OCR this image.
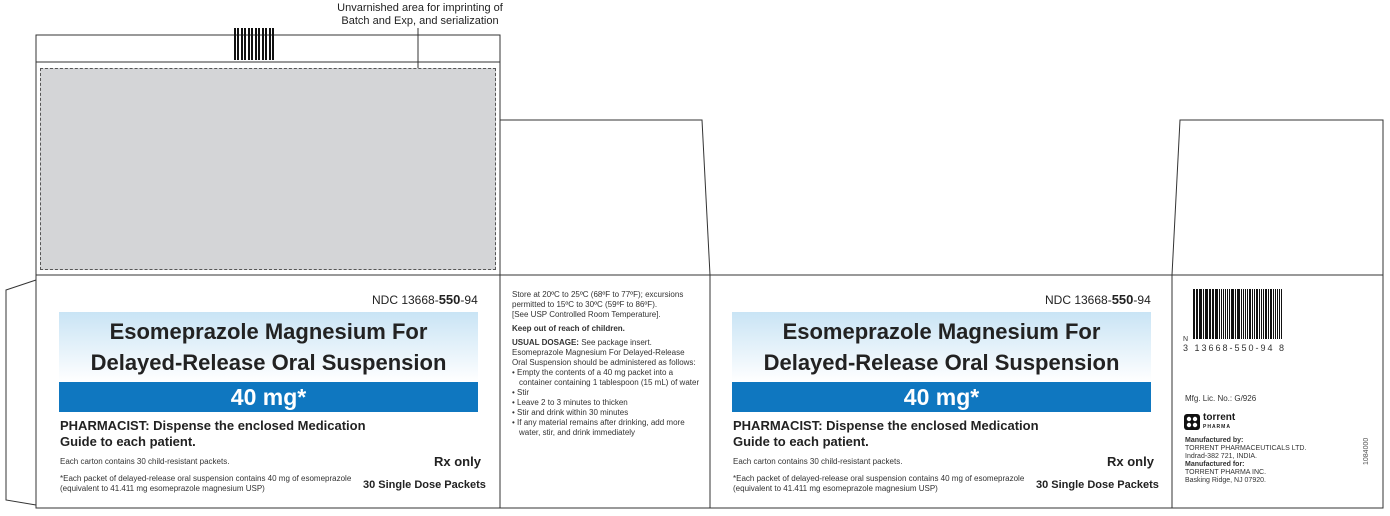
Unvarnished area for imprinting of
Batch and Exp, and serialization
NDC 13668-550-94
Esomeprazole Magnesium For
Delayed-Release Oral Suspension
40 mg*
PHARMACIST: Dispense the enclosed Medication
Guide to each patient.
Each carton contains 30 child-resistant packets.	Rx only
*Each packet of delayed-release oral suspension contains 40 mg of esomeprazole
(equivalent to 41.411 mg esomeprazole magnesium USP)	30 Single Dose Packets

Store at 20ºC to 25ºC (68ºF to 77ºF); excursions
permitted to 15ºC to 30ºC (59ºF to 86ºF).
[See USP Controlled Room Temperature].

Keep out of reach of children.

USUAL DOSAGE: See package insert.
Esomeprazole Magnesium For Delayed-Release
Oral Suspension should be administered as follows:
• Empty the contents of a 40 mg packet into a container containing 1 tablespoon (15 mL) of water
• Stir
• Leave 2 to 3 minutes to thicken
• Stir and drink within 30 minutes
• If any material remains after drinking, add more water, stir, and drink immediately
NDC 13668-550-94
Esomeprazole Magnesium For
Delayed-Release Oral Suspension
40 mg*
PHARMACIST: Dispense the enclosed Medication
Guide to each patient.
Each carton contains 30 child-resistant packets.	Rx only
*Each packet of delayed-release oral suspension contains 40 mg of esomeprazole
(equivalent to 41.411 mg esomeprazole magnesium USP)	30 Single Dose Packets
N
3 13668-550-94 8
Mfg. Lic. No.: G/926
torrent
PHARMA
Manufactured by:
TORRENT PHARMACEUTICALS LTD.
Indrad-382 721, INDIA.
Manufactured for:
TORRENT PHARMA INC.
Basking Ridge, NJ 07920.
1084000
